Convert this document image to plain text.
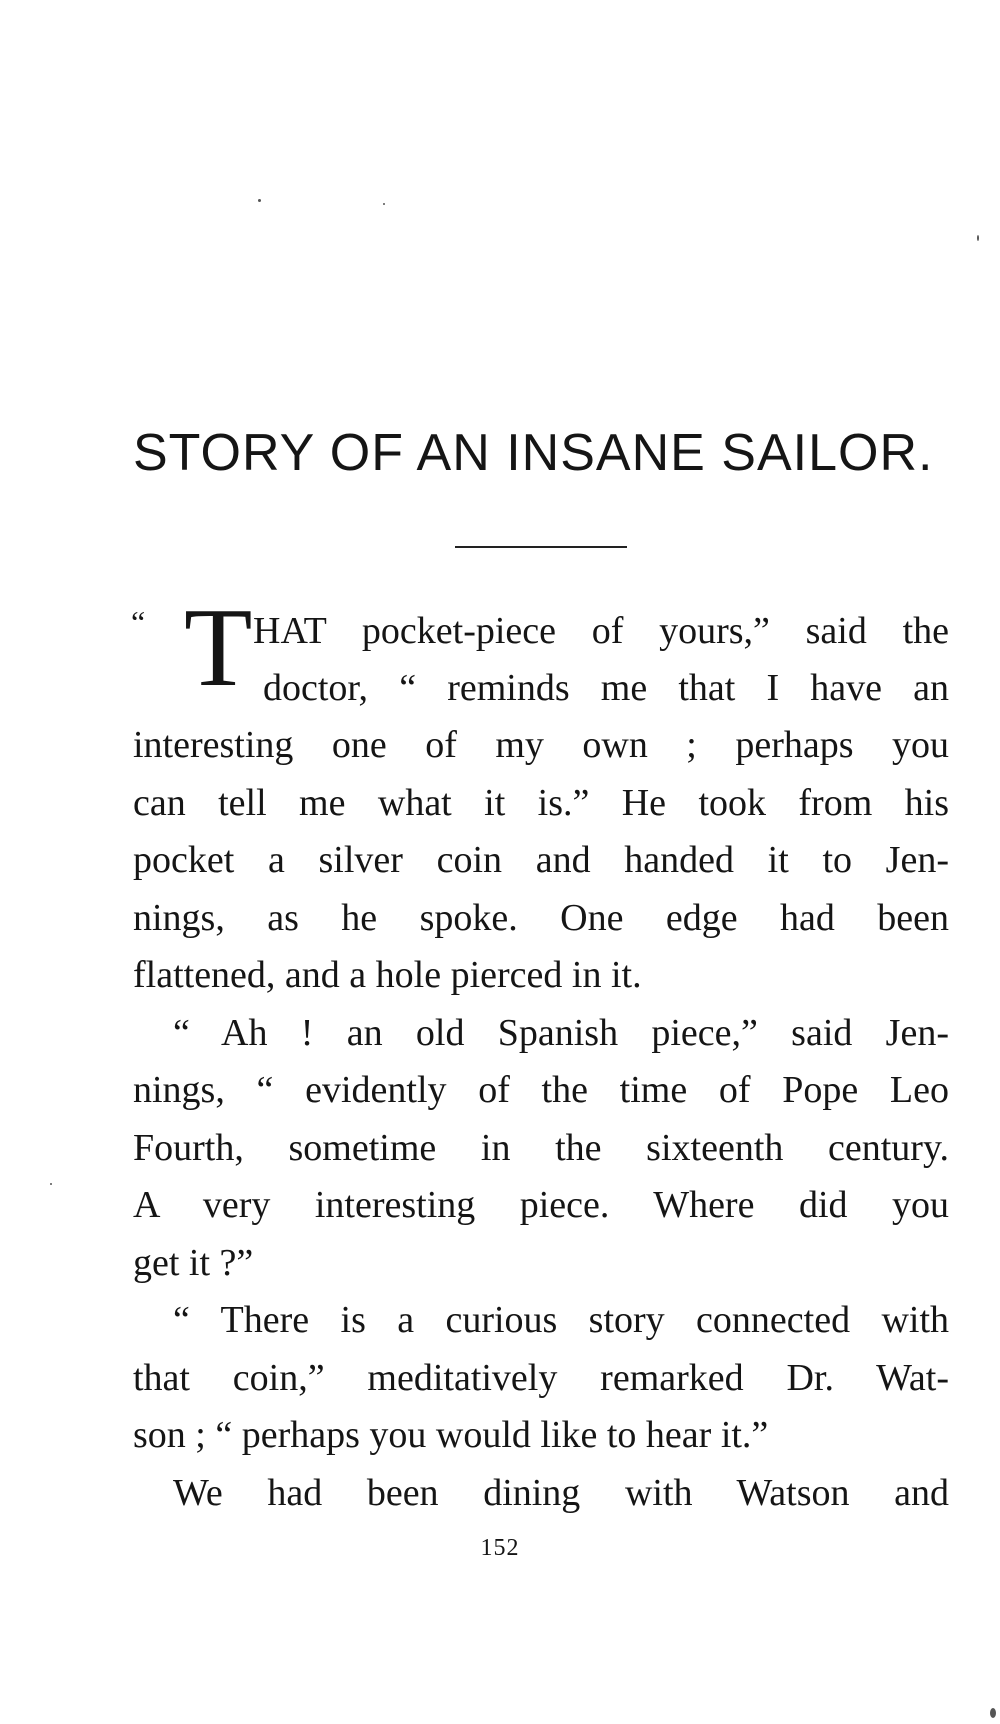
STORY OF AN INSANE SAILOR.
“ T HAT pocket-piece of yours,” said the
doctor, “ reminds me that I have an
interesting one of my own ; perhaps you
can tell me what it is.” He took from his
pocket a silver coin and handed it to Jen-
nings, as he spoke. One edge had been
flattened, and a hole pierced in it.
“ Ah ! an old Spanish piece,” said Jen-
nings, “ evidently of the time of Pope Leo
Fourth, sometime in the sixteenth century.
A very interesting piece. Where did you
get it ?”
“ There is a curious story connected with
that coin,” meditatively remarked Dr. Wat-
son ; “ perhaps you would like to hear it.”
We had been dining with Watson and
152
